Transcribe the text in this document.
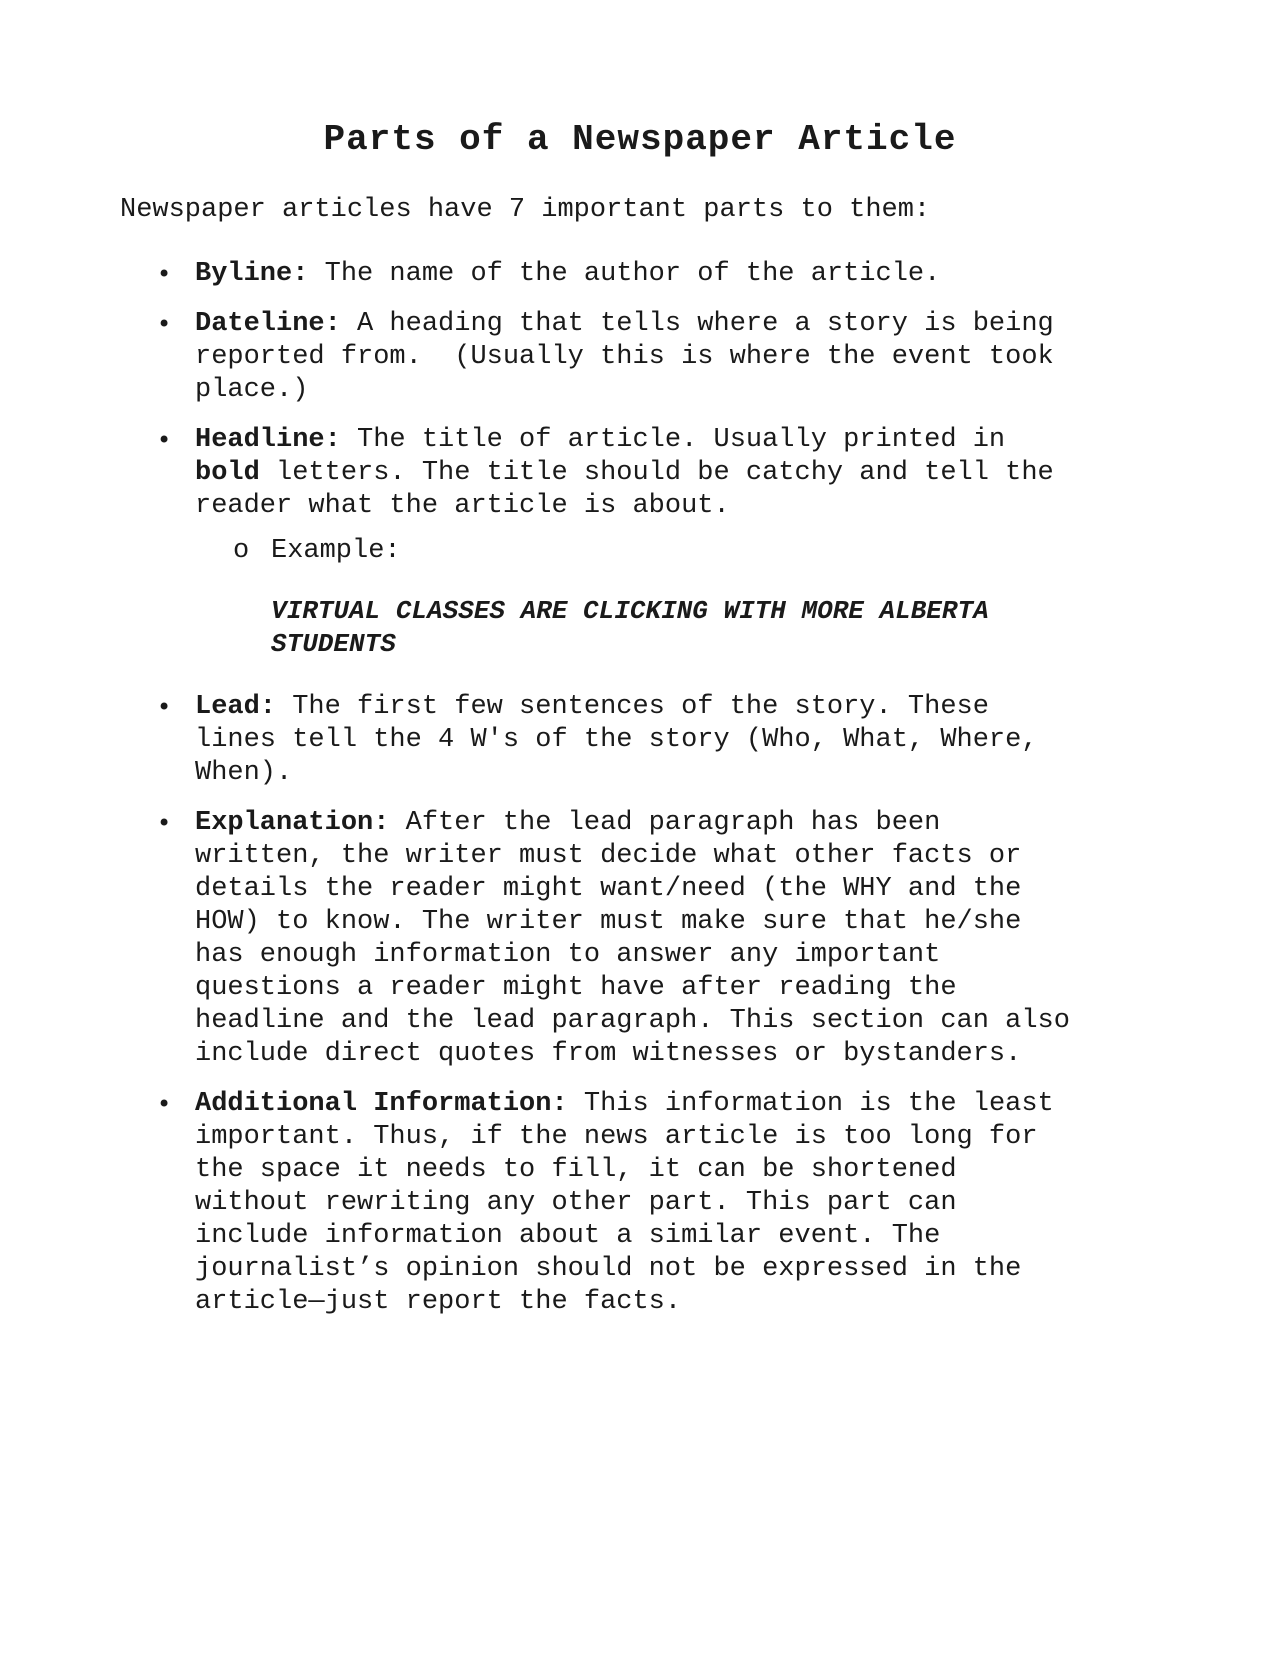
Parts of a Newspaper Article

Newspaper articles have 7 important parts to them:

• Byline: The name of the author of the article.
• Dateline: A heading that tells where a story is being
reported from.  (Usually this is where the event took
place.)
• Headline: The title of article. Usually printed in
bold letters. The title should be catchy and tell the
reader what the article is about.
o Example:
VIRTUAL CLASSES ARE CLICKING WITH MORE ALBERTA
STUDENTS
• Lead: The first few sentences of the story. These
lines tell the 4 W's of the story (Who, What, Where,
When).
• Explanation: After the lead paragraph has been
written, the writer must decide what other facts or
details the reader might want/need (the WHY and the
HOW) to know. The writer must make sure that he/she
has enough information to answer any important
questions a reader might have after reading the
headline and the lead paragraph. This section can also
include direct quotes from witnesses or bystanders.
• Additional Information: This information is the least
important. Thus, if the news article is too long for
the space it needs to fill, it can be shortened
without rewriting any other part. This part can
include information about a similar event. The
journalist’s opinion should not be expressed in the
article—just report the facts.
